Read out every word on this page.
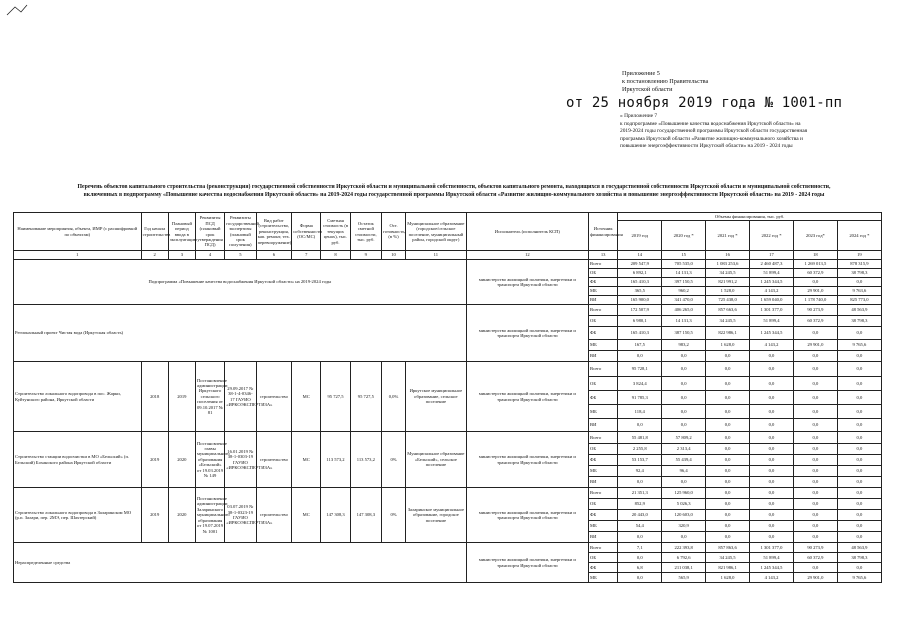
Приложение 5
к постановлению Правительства
Иркутской области
от 25 ноября 2019 года № 1001-пп
« Приложение 7
к подпрограмме «Повышение качества водоснабжения Иркутской области» на
2019-2024 годы государственной программы Иркутской области государственная
программа Иркутской области «Развитие жилищно-коммунального хозяйства и
повышение энергоэффективности Иркутской области» на 2019 - 2024 годы
Перечень объектов капитального строительства (реконструкция) государственной собственности Иркутской области и муниципальной собственности, объектов капитального ремонта, находящихся в государственной собственности Иркутской области и муниципальной собственности,
включенных в подпрограмму «Повышение качества водоснабжения Иркутской области» на 2019-2024 годы государственной программы Иркутской области «Развитие жилищно-коммунального хозяйства и повышение энергоэффективности Иркутской области» на 2019 - 2024 годы
Наименование мероприятия, объекта, ИМР (с расшифровкой по объектам)	Год начала строительства	Плановый период ввода в эксплуатацию	Реквизиты ПСД (плановый срок утверждения ПСД)	Реквизиты государственной экспертизы (плановый срок получения)	Вид работ (строительство, реконструкция, кап. ремонт, тех. перевооружение)	Форма собственности (ОС/МС)	Сметная стоимость (в текущих ценах), тыс. руб.	Остаток сметной стоимости, тыс. руб.	Ост. готовность, (в %)	Муниципальное образование (городское/сельское поселение, муниципальный район, городской округ)	Исполнитель (исполнитель КСП)	Источник финансирования	Объемы финансирования, тыс. руб.					
													2019 год	2020 год *	2021 год *	2022 год *	2023 год*	2024 год *
1	2	3	4	5	6	7	8	9	10	11	12	13	14	15	16	17	18	19
Подпрограмма «Повышение качества водоснабжения Иркутской области» на 2019-2024 годы											министерство жилищной политики, энергетики и транспорта Иркутской области	Всего	209 547,9	705 535,0	1 083 253,6	2 460 487,3	1 269 013,5	878 315,9
												ОБ	6 892,1	14 131,3	34 245,5	51 899,4	60 372,9	38 798,3
												ФБ	165 410,3	397 150,5	821 991,2	1 245 344,5	0,0	0,0
												МБ	365,5	960,2	1 528,0	4 143,2	29 901,0	9 763,6
												ВИ	165 900,0	341 470,0	725 438,0	1 659 040,0	1 178 740,0	825 773,0
Региональный проект Чистая вода (Иркутская область)											министерство жилищной политики, энергетики и транспорта Иркутской области	Всего	172 507,9	406 265,0	857 663,6	1 301 377,0	90 273,9	48 563,9
												ОБ	6 980,1	14 131,3	34 245,5	51 899,4	60 372,9	38 798,3
												ФБ	165 410,3	387 150,5	822 986,1	1 245 344,5	0,0	0,0
												МБ	167,5	983,2	1 628,0	4 143,2	29 901,0	9 765,6
												ВИ	0,0	0,0	0,0	0,0	0,0	0,0
Строительство локального водопровода в пос. Жарки, Куйтунского района, Иркутской области	2018	2019	Постановление администрации Иркутского сельского поселения от 09.10.2017 № 81	29.09.2017 № 38-1-4-0346-17 ГАУИО «ИРКОЭКСПЕРТИЗА»	строительство	МС	95 727,5	95 727,5	0,0%	Иркутское муниципальное образование, сельское поселение	министерство жилищной политики, энергетики и транспорта Иркутской области	Всего	95 728,1	0,0	0,0	0,0	0,0	0,0
												ОБ	3 824,4	0,0	0,0	0,0	0,0	0,0
												ФБ	91 785,3	0,0	0,0	0,0	0,0	0,0
												МБ	118,4	0,0	0,0	0,0	0,0	0,0
												ВИ	0,0	0,0	0,0	0,0	0,0	0,0
Строительство станции водоочистки в МО «Бельский» (п. Бельский) Боханского района Иркутской области	2019	2020	Постановление главы муниципального образования «Бельский» от 19.03.2019 № 149	16.01.2019 № 38-1-0303-19 ГАУИО «ИРКОЭКСПЕРТИЗА»	строительство	МС	113 573,2	113 573,2	0%	Муниципальное образование «Бельский», сельское поселение	министерство жилищной политики, энергетики и транспорта Иркутской области	Всего	55 481,8	57 809,2	0,0	0,0	0,0	0,0
												ОБ	2 255,8	2 313,4	0,0	0,0	0,0	0,0
												ФБ	53 153,7	55 439,4	0,0	0,0	0,0	0,0
												МБ	92,4	96,4	0,0	0,0	0,0	0,0
												ВИ	0,0	0,0	0,0	0,0	0,0	0,0
Строительство локального водопровода в Заларинском МО (р.п. Залари, пер. 2МЭ, пер. Шахтерский)	2019	2020	Постановление администрации Заларинского муниципального образования от 19.07.2019 № 1001	03.07.2019 № 38-1-0323-19 ГАУИО «ИРКОЭКСПЕРТИЗА»	строительство	МС	147 308,3	147 308,3	0%	Заларинское муниципальное образование, городское поселение	министерство жилищной политики, энергетики и транспорта Иркутской области	Всего	21 351,3	125 960,0	0,0	0,0	0,0	0,0
												ОБ	852,9	5 026,3	0,0	0,0	0,0	0,0
												ФБ	20 443,0	120 603,0	0,0	0,0	0,0	0,0
												МБ	54,4	320,9	0,0	0,0	0,0	0,0
												ВИ	0,0	0,0	0,0	0,0	0,0	0,0
Нераспределенные средства											министерство жилищной политики, энергетики и транспорта Иркутской области	Всего	7,1	222 393,8	857 863,6	1 301 377,0	90 273,9	48 563,9
												ОБ	0,0	6 792,6	34 245,5	51 899,4	60 372,9	38 798,3
												ФБ	6,8	211 038,1	821 986,1	1 245 344,5	0,0	0,0
												МБ	0,0	565,9	1 628,0	4 143,2	29 901,0	9 765,6
